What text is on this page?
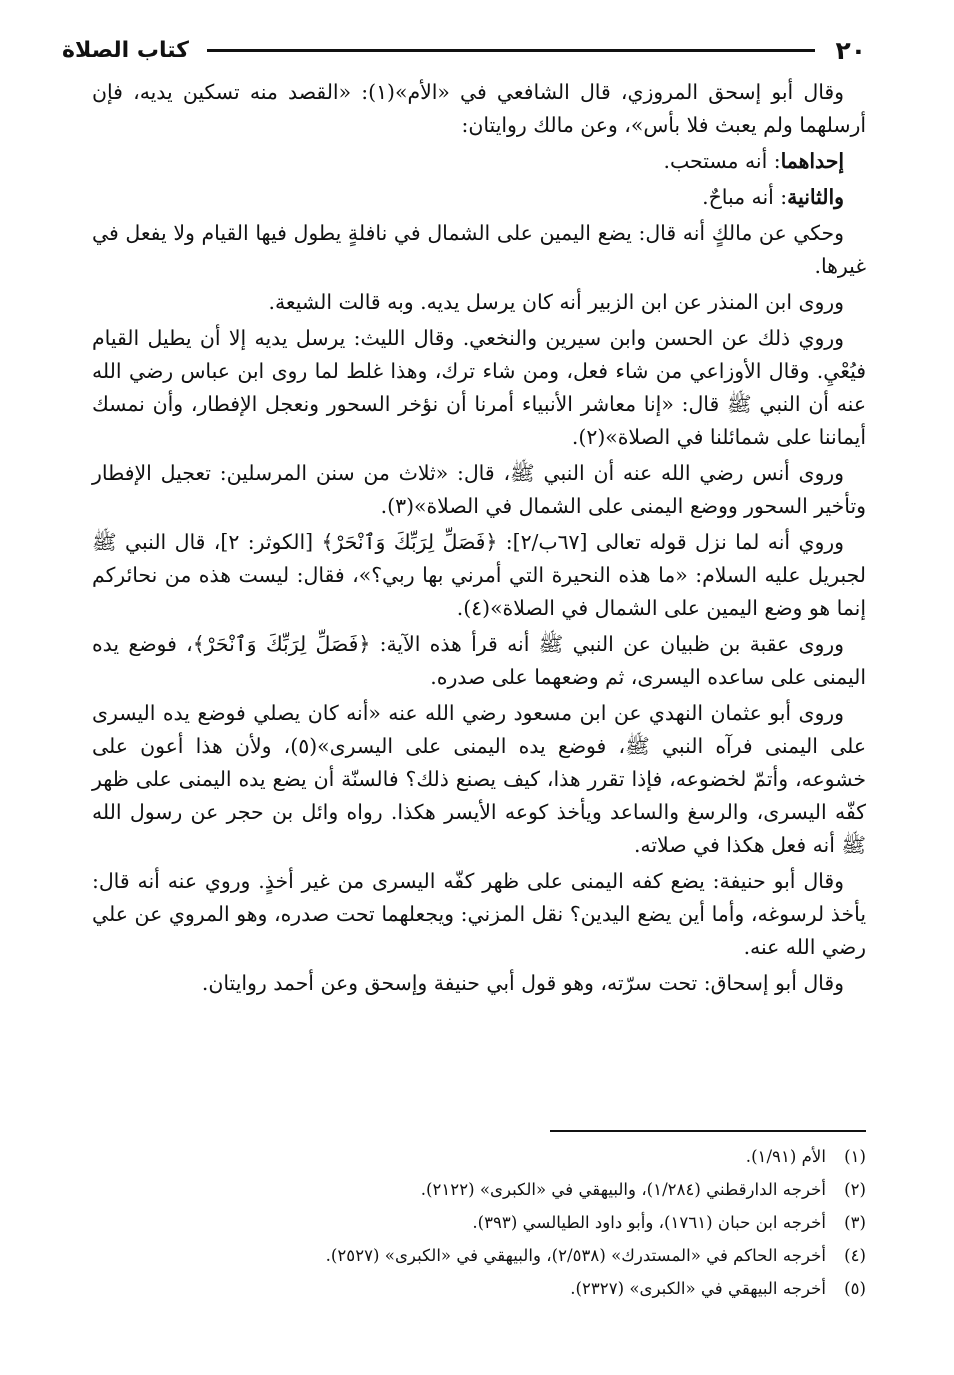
٢٠
كتاب الصلاة

وقال أبو إسحق المروزي، قال الشافعي في «الأم»(١): «القصد منه تسكين يديه، فإن أرسلهما ولم يعبث فلا بأس»، وعن مالك روايتان:

إحداهما: أنه مستحب.

والثانية: أنه مباحٌ.

وحكي عن مالكٍ أنه قال: يضع اليمين على الشمال في نافلةٍ يطول فيها القيام ولا يفعل في غيرها.

وروى ابن المنذر عن ابن الزبير أنه كان يرسل يديه. وبه قالت الشيعة.

وروي ذلك عن الحسن وابن سيرين والنخعي. وقال الليث: يرسل يديه إلا أن يطيل القيام فيُعْيِ. وقال الأوزاعي من شاء فعل، ومن شاء ترك، وهذا غلط لما روى ابن عباس رضي الله عنه أن النبي ﷺ قال: «إنا معاشر الأنبياء أمرنا أن نؤخر السحور ونعجل الإفطار، وأن نمسك أيماننا على شمائلنا في الصلاة»(٢).

وروى أنس رضي الله عنه أن النبي ﷺ، قال: «ثلاث من سنن المرسلين: تعجيل الإفطار وتأخير السحور ووضع اليمنى على الشمال في الصلاة»(٣).

وروي أنه لما نزل قوله تعالى [٦٧ب/٢]: ﴿فَصَلِّ لِرَبِّكَ وَٱنْحَرْ﴾ [الكوثر: ٢]، قال النبي ﷺ لجبريل عليه السلام: «ما هذه النحيرة التي أمرني بها ربي؟»، فقال: ليست هذه من نحائركم إنما هو وضع اليمين على الشمال في الصلاة»(٤).

وروى عقبة بن ظبيان عن النبي ﷺ أنه قرأ هذه الآية: ﴿فَصَلِّ لِرَبِّكَ وَٱنْحَرْ﴾، فوضع يده اليمنى على ساعده اليسرى، ثم وضعهما على صدره.

وروى أبو عثمان النهدي عن ابن مسعود رضي الله عنه «أنه كان يصلي فوضع يده اليسرى على اليمنى فرآه النبي ﷺ، فوضع يده اليمنى على اليسرى»(٥)، ولأن هذا أعون على خشوعه، وأتمّ لخضوعه، فإذا تقرر هذا، كيف يصنع ذلك؟ فالسنّة أن يضع يده اليمنى على ظهر كفّه اليسرى، والرسغ والساعد ويأخذ كوعه الأيسر هكذا. رواه وائل بن حجر عن رسول الله ﷺ أنه فعل هكذا في صلاته.

وقال أبو حنيفة: يضع كفه اليمنى على ظهر كفّه اليسرى من غير أخذٍ. وروي عنه أنه قال: يأخذ لرسوغه، وأما أين يضع اليدين؟ نقل المزني: ويجعلهما تحت صدره، وهو المروي عن علي رضي الله عنه.

وقال أبو إسحاق: تحت سرّته، وهو قول أبي حنيفة وإسحق وعن أحمد روايتان.

(١)
الأم (١/٩١).
(٢)
أخرجه الدارقطني (١/٢٨٤)، والبيهقي في «الكبرى» (٢١٢٢).
(٣)
أخرجه ابن حبان (١٧٦١)، وأبو داود الطيالسي (٣٩٣).
(٤)
أخرجه الحاكم في «المستدرك» (٢/٥٣٨)، والبيهقي في «الكبرى» (٢٥٢٧).
(٥)
أخرجه البيهقي في «الكبرى» (٢٣٢٧).
